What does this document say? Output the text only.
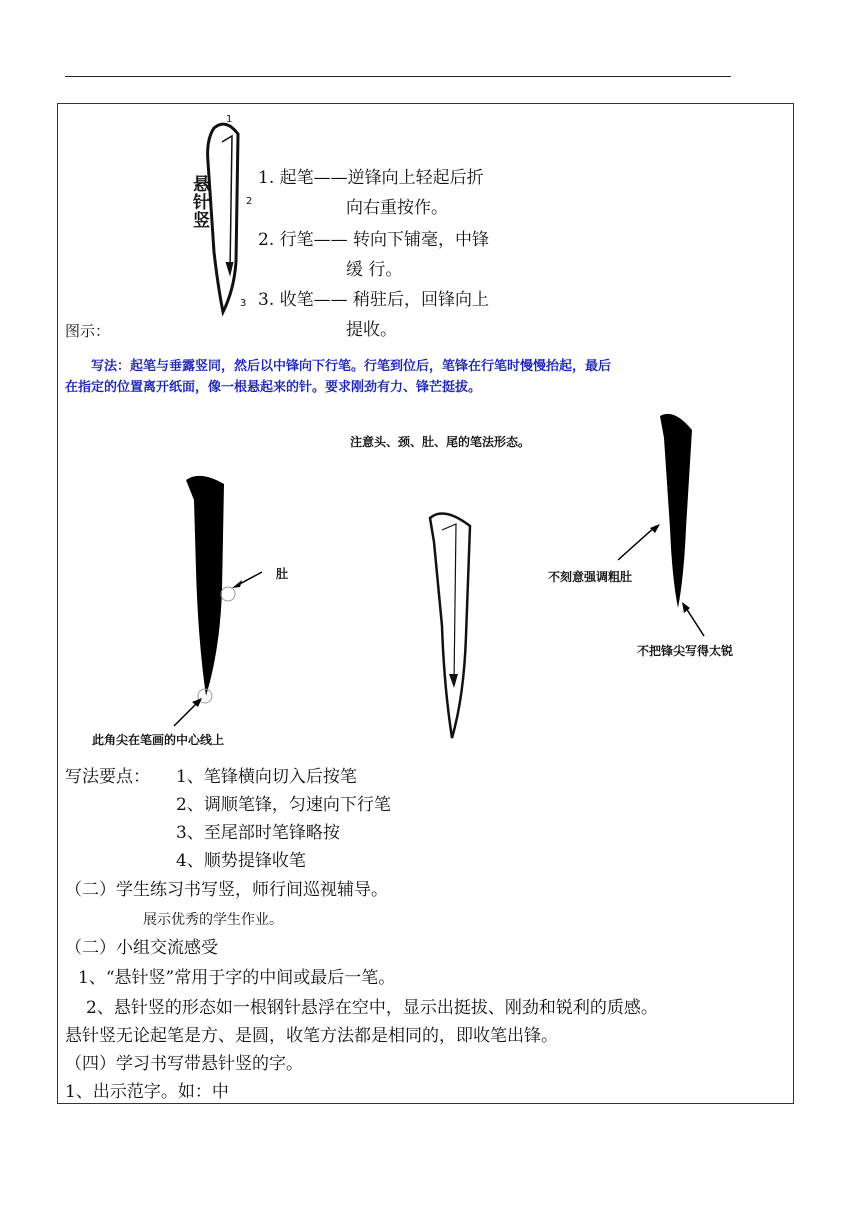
1
2
3
悬针竖
1. 起笔——逆锋向上轻起后折
向右重按作。
2. 行笔—— 转向下铺毫，中锋
缓 行。
3. 收笔—— 稍驻后，回锋向上
提收。
图示：

写法：起笔与垂露竖同，然后以中锋向下行笔。行笔到位后，笔锋在行笔时慢慢抬起，最后

在指定的位置离开纸面，像一根悬起来的针。要求刚劲有力、锋芒挺拔。

注意头、颈、肚、尾的笔法形态。
肚
此角尖在笔画的中心线上
不刻意强调粗肚
不把锋尖写得太锐
写法要点： 1、笔锋横向切入后按笔
2、调顺笔锋，匀速向下行笔
3、至尾部时笔锋略按
4、顺势提锋收笔
（二）学生练习书写竖，师行间巡视辅导。
展示优秀的学生作业。
（二）小组交流感受
1、“悬针竖”常用于字的中间或最后一笔。
2、悬针竖的形态如一根钢针悬浮在空中，显示出挺拔、刚劲和锐利的质感。
悬针竖无论起笔是方、是圆，收笔方法都是相同的，即收笔出锋。
（四）学习书写带悬针竖的字。
1、出示范字。如：中
